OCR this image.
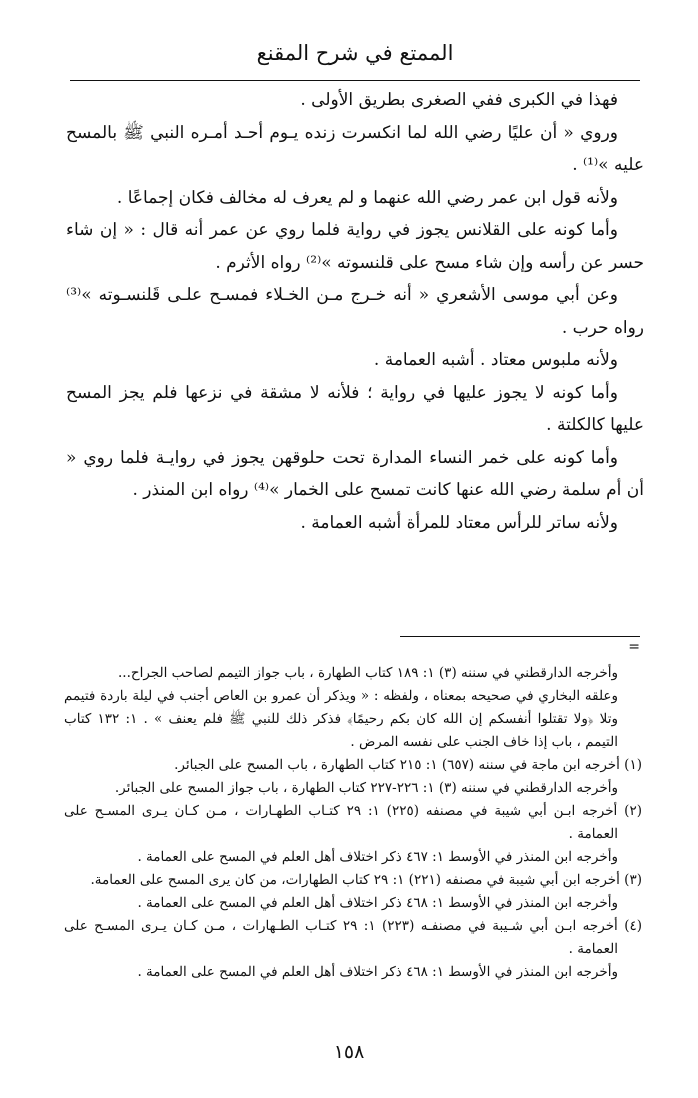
الممتع في شرح المقنع

فهذا في الكبرى ففي الصغرى بطريق الأولى .

وروي « أن عليًا رضي الله لما انكسرت زنده يـوم أحـد أمـره النبي ﷺ بالمسح عليه »⁽¹⁾ .

ولأنه قول ابن عمر رضي الله عنهما و لم يعرف له مخالف فكان إجماعًا .

وأما كونه على القلانس يجوز في رواية فلما روي عن عمر أنه قال : « إن شاء حسر عن رأسه وإن شاء مسح على قلنسوته »⁽²⁾ رواه الأثرم .

وعن أبي موسى الأشعري « أنه خـرج مـن الخـلاء فمسـح علـى قَلنسـوته »⁽³⁾ رواه حرب .

ولأنه ملبوس معتاد . أشبه العمامة .

وأما كونه لا يجوز عليها في رواية ؛ فلأنه لا مشقة في نزعها فلم يجز المسح عليها كالكلتة .

وأما كونه على خمر النساء المدارة تحت حلوقهن يجوز في روايـة فلما روي « أن أم سلمة رضي الله عنها كانت تمسح على الخمار »⁽⁴⁾ رواه ابن المنذر .

ولأنه ساتر للرأس معتاد للمرأة أشبه العمامة .

=

وأخرجه الدارقطني في سننه (٣) ١: ١٨٩ كتاب الطهارة ، باب جواز التيمم لصاحب الجراح...

وعلقه البخاري في صحيحه بمعناه ، ولفظه : « ويذكر أن عمرو بن العاص أجنب في ليلة باردة فتيمم وتلا ﴿ولا تقتلوا أنفسكم إن الله كان بكم رحيمًا﴾ فذكر ذلك للنبي ﷺ فلم يعنف » . ١: ١٣٢ كتاب التيمم ، باب إذا خاف الجنب على نفسه المرض .

(١) أخرجه ابن ماجة في سننه (٦٥٧) ١: ٢١٥ كتاب الطهارة ، باب المسح على الجبائر.

وأخرجه الدارقطني في سننه (٣) ١: ٢٢٦-٢٢٧ كتاب الطهارة ، باب جواز المسح على الجبائر.

(٢) أخرجه ابـن أبي شيبة في مصنفه (٢٢٥) ١: ٢٩ كتـاب الطهـارات ، مـن كـان يـرى المسـح على العمامة .

وأخرجه ابن المنذر في الأوسط ١: ٤٦٧ ذكر اختلاف أهل العلم في المسح على العمامة .

(٣) أخرجه ابن أبي شيبة في مصنفه (٢٢١) ١: ٢٩ كتاب الطهارات، من كان يرى المسح على العمامة.

وأخرجه ابن المنذر في الأوسط ١: ٤٦٨ ذكر اختلاف أهل العلم في المسح على العمامة .

(٤) أخرجه ابـن أبي شـيبة في مصنفـه (٢٢٣) ١: ٢٩ كتـاب الطـهارات ، مـن كـان يـرى المسـح على العمامة .

وأخرجه ابن المنذر في الأوسط ١: ٤٦٨ ذكر اختلاف أهل العلم في المسح على العمامة .

١٥٨
